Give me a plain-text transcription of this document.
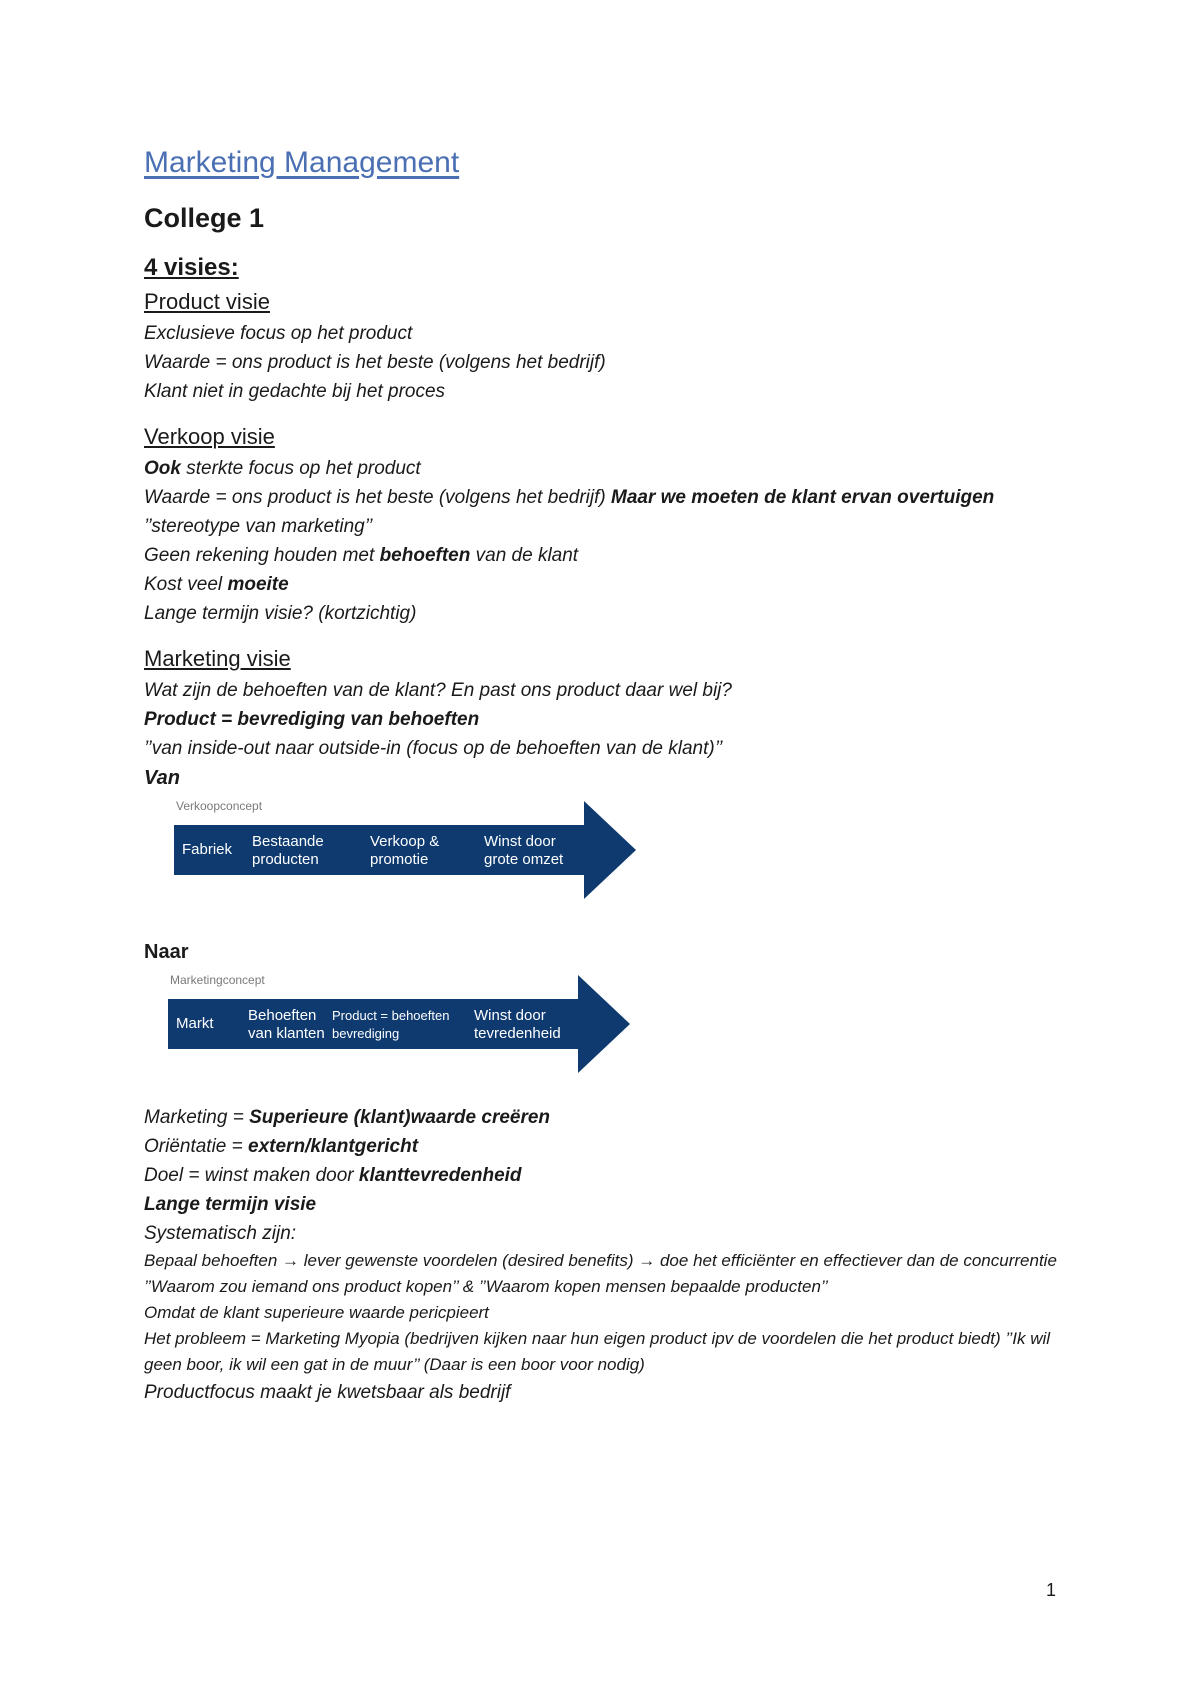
Marketing Management
College 1
4 visies:
Product visie

Exclusieve focus op het product

Waarde = ons product is het beste (volgens het bedrijf)

Klant niet in gedachte bij het proces

Verkoop visie

Ook sterkte focus op het product

Waarde = ons product is het beste (volgens het bedrijf) Maar we moeten de klant ervan overtuigen

’’stereotype van marketing’’

Geen rekening houden met behoeften van de klant

Kost veel moeite

Lange termijn visie? (kortzichtig)

Marketing visie

Wat zijn de behoeften van de klant? En past ons product daar wel bij?

Product = bevrediging van behoeften

’’van inside-out naar outside-in (focus op de behoeften van de klant)’’

Van
Verkoopconcept
Fabriek Bestaande producten
Verkoop & promotie
Winst door grote omzet
Naar
Marketingconcept
Markt Behoeften van klanten
Product = behoeften bevrediging
Winst door tevredenheid

Marketing = Superieure (klant)waarde creëren

Oriëntatie = extern/klantgericht

Doel = winst maken door klanttevredenheid

Lange termijn visie

Systematisch zijn:

Bepaal behoeften → lever gewenste voordelen (desired benefits) → doe het efficiënter en effectiever dan de concurrentie

’’Waarom zou iemand ons product kopen’’ & ’’Waarom kopen mensen bepaalde producten’’

Omdat de klant superieure waarde pericpieert

Het probleem = Marketing Myopia (bedrijven kijken naar hun eigen product ipv de voordelen die het product biedt) ’’Ik wil geen boor, ik wil een gat in de muur’’ (Daar is een boor voor nodig)

Productfocus maakt je kwetsbaar als bedrijf

1
